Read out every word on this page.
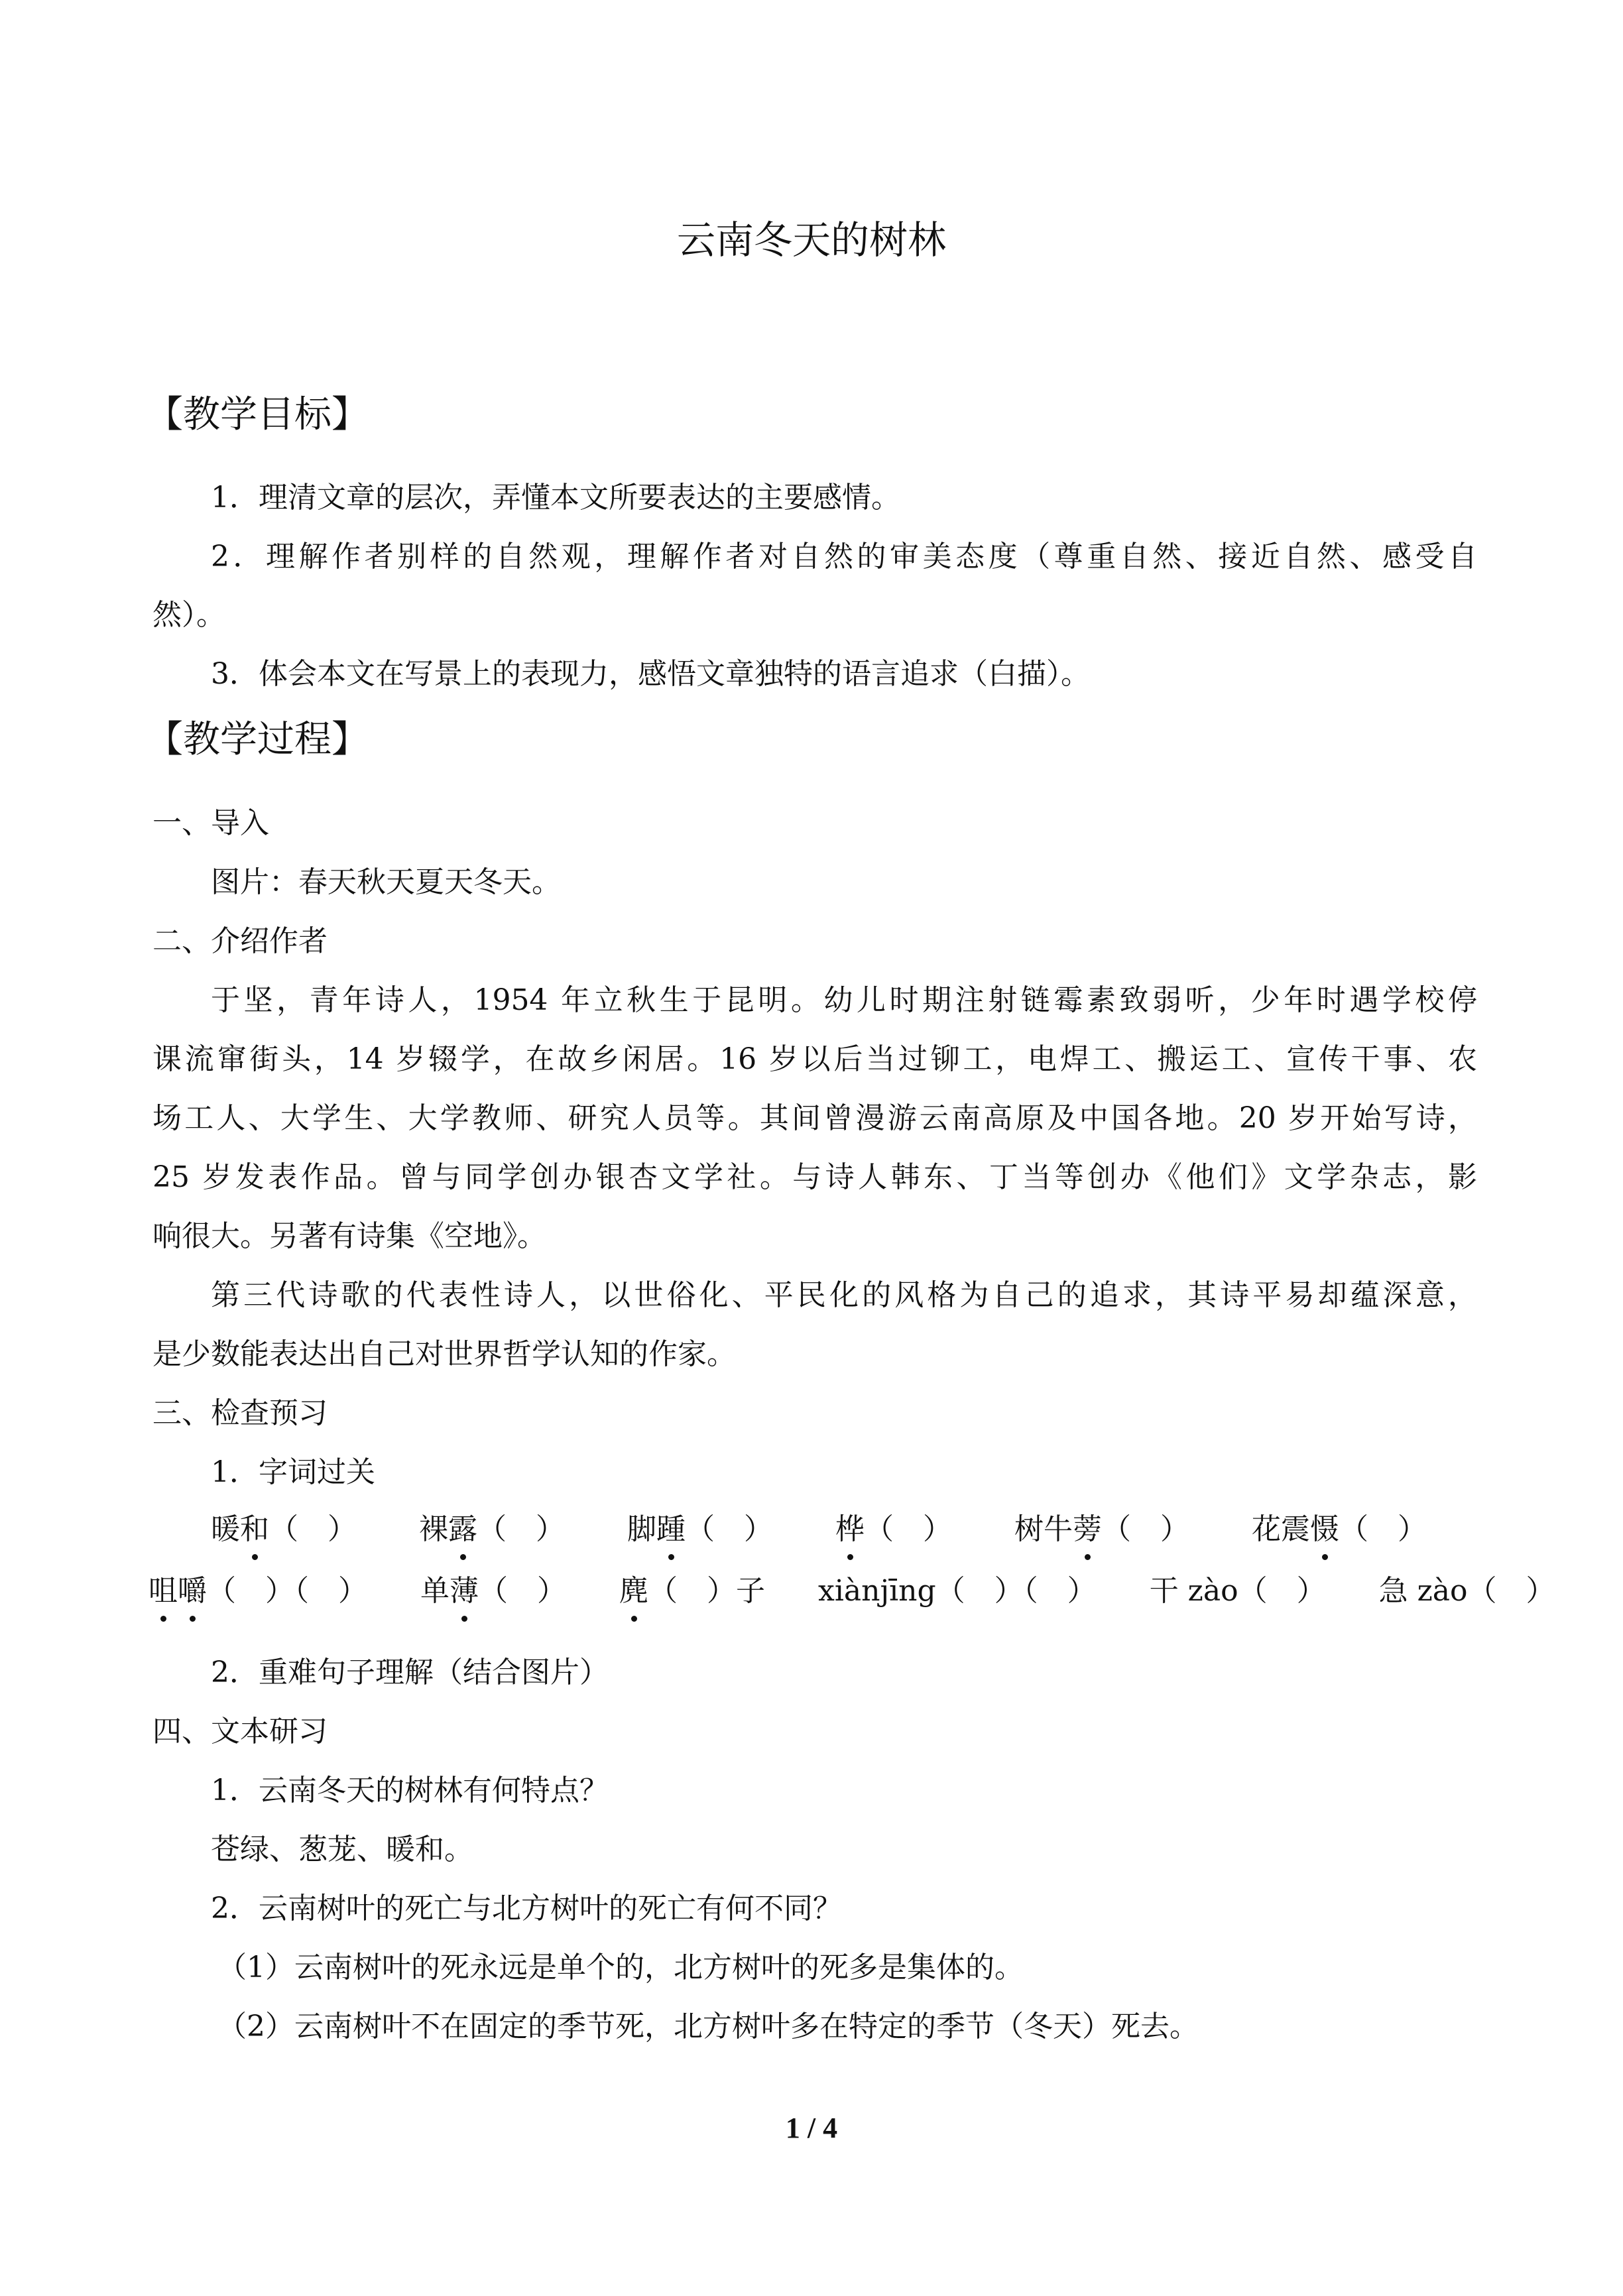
云南冬天的树林
【教学目标】
1．理清文章的层次，弄懂本文所要表达的主要感情。
2．理解作者别样的自然观，理解作者对自然的审美态度（尊重自然、接近自然、感受自
然）。
3．体会本文在写景上的表现力，感悟文章独特的语言追求（白描）。
【教学过程】
一、导入
图片：春天秋天夏天冬天。
二、介绍作者
于坚，青年诗人，1954 年立秋生于昆明。幼儿时期注射链霉素致弱听，少年时遇学校停
课流窜街头，14 岁辍学，在故乡闲居。16 岁以后当过铆工，电焊工、搬运工、宣传干事、农
场工人、大学生、大学教师、研究人员等。其间曾漫游云南高原及中国各地。20 岁开始写诗，
25 岁发表作品。曾与同学创办银杏文学社。与诗人韩东、丁当等创办《他们》文学杂志，影
响很大。另著有诗集《空地》。
第三代诗歌的代表性诗人，以世俗化、平民化的风格为自己的追求，其诗平易却蕴深意，
是少数能表达出自己对世界哲学认知的作家。
三、检查预习
1．字词过关
暖和（　） 裸露（　） 脚踵（　） 桦（　） 树牛蒡（　） 花震慑（　）
咀嚼（　）（　） 单薄（　） 麂（　）子 xiànjīng（　）（　） 干 zào（　） 急 zào（　）
2．重难句子理解（结合图片）
四、文本研习
1．云南冬天的树林有何特点？
苍绿、葱茏、暖和。
2．云南树叶的死亡与北方树叶的死亡有何不同？
（1）云南树叶的死永远是单个的，北方树叶的死多是集体的。
（2）云南树叶不在固定的季节死，北方树叶多在特定的季节（冬天）死去。
1 / 4
